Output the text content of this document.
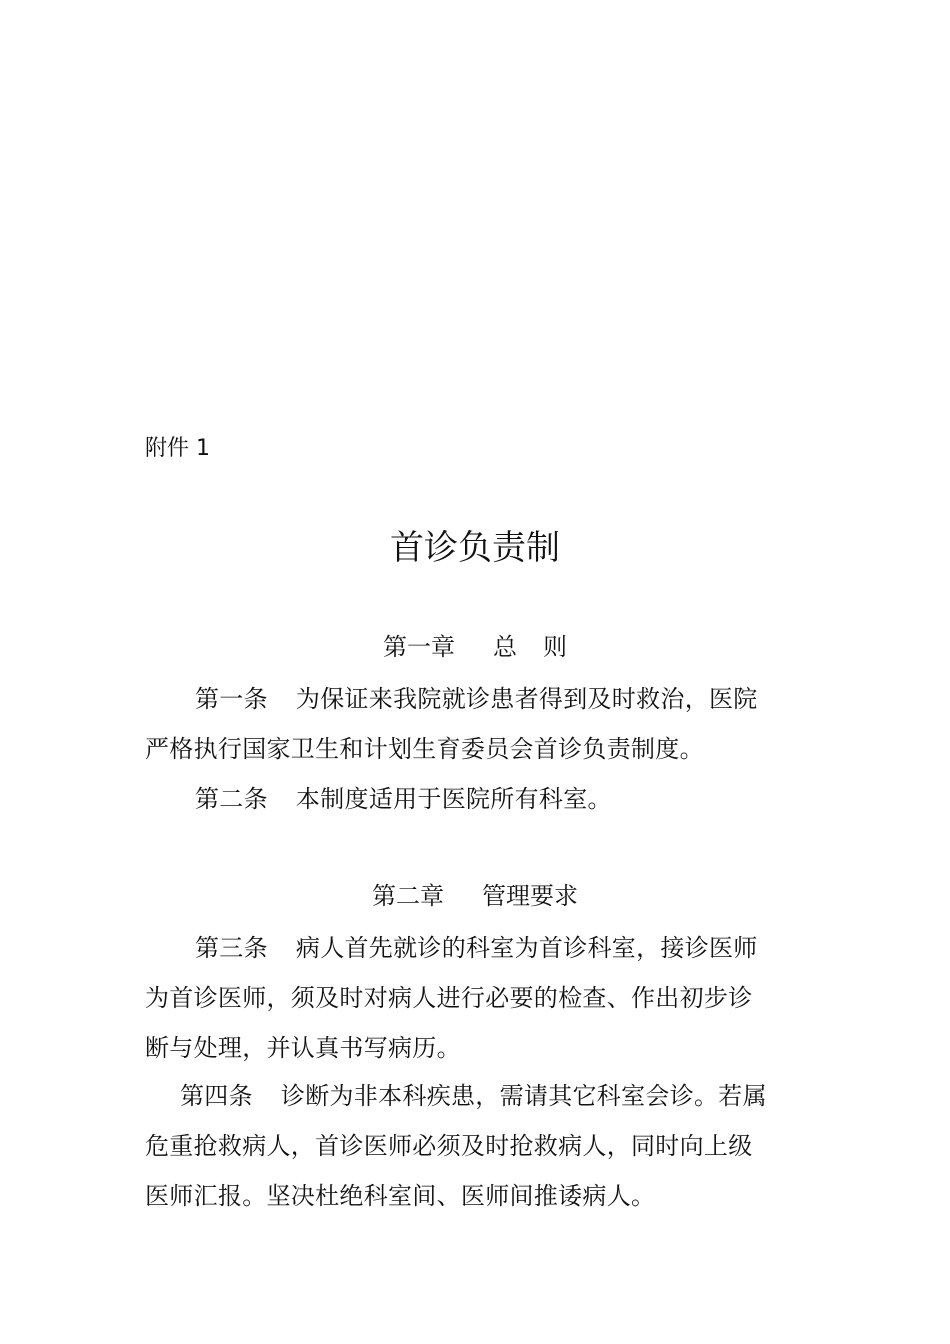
附件 1
首诊负责制
第一章 总 则
第一条 为保证来我院就诊患者得到及时救治，医院
严格执行国家卫生和计划生育委员会首诊负责制度。
第二条 本制度适用于医院所有科室。
第二章 管理要求
第三条 病人首先就诊的科室为首诊科室，接诊医师
为首诊医师，须及时对病人进行必要的检查、作出初步诊
断与处理，并认真书写病历。
第四条 诊断为非本科疾患，需请其它科室会诊。若属
危重抢救病人，首诊医师必须及时抢救病人，同时向上级
医师汇报。坚决杜绝科室间、医师间推诿病人。
